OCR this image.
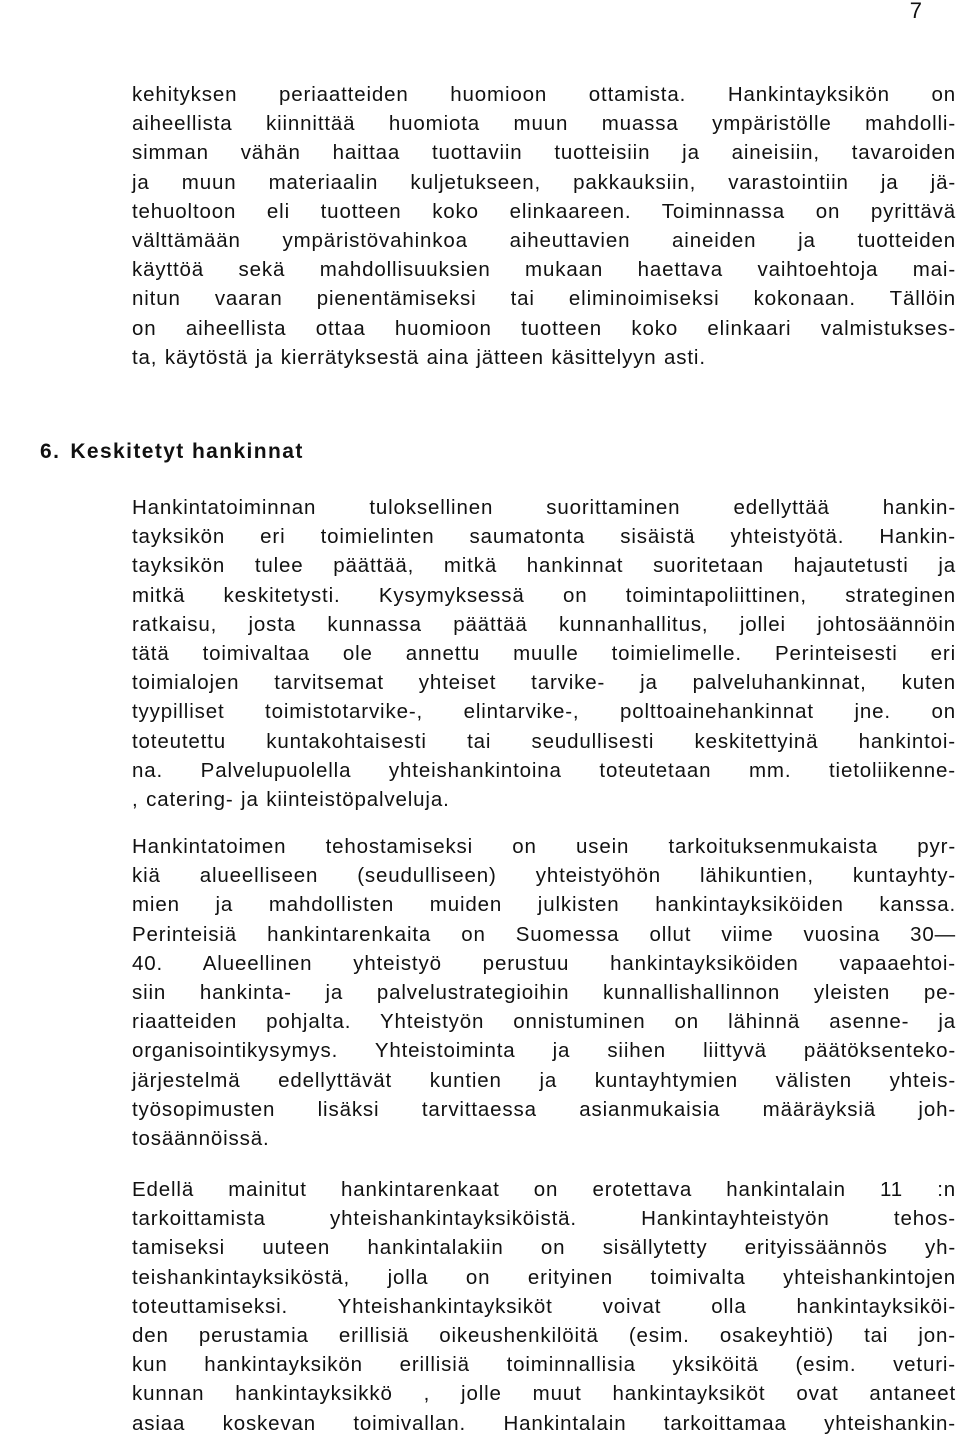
7
kehityksen periaatteiden huomioon ottamista. Hankintayksikön on
aiheellista kiinnittää huomiota muun muassa ympäristölle mahdolli-
simman vähän haittaa tuottaviin tuotteisiin ja aineisiin, tavaroiden
ja muun materiaalin kuljetukseen, pakkauksiin, varastointiin ja jä-
tehuoltoon eli tuotteen koko elinkaareen. Toiminnassa on pyrittävä
välttämään ympäristövahinkoa aiheuttavien aineiden ja tuotteiden
käyttöä sekä mahdollisuuksien mukaan haettava vaihtoehtoja mai-
nitun vaaran pienentämiseksi tai eliminoimiseksi kokonaan. Tällöin
on aiheellista ottaa huomioon tuotteen koko elinkaari valmistukses-
ta, käytöstä ja kierrätyksestä aina jätteen käsittelyyn asti.
6. Keskitetyt hankinnat
Hankintatoiminnan tuloksellinen suorittaminen edellyttää hankin-
tayksikön eri toimielinten saumatonta sisäistä yhteistyötä. Hankin-
tayksikön tulee päättää, mitkä hankinnat suoritetaan hajautetusti ja
mitkä keskitetysti. Kysymyksessä on toimintapoliittinen, strateginen
ratkaisu, josta kunnassa päättää kunnanhallitus, jollei johtosäännöin
tätä toimivaltaa ole annettu muulle toimielimelle. Perinteisesti eri
toimialojen tarvitsemat yhteiset tarvike- ja palveluhankinnat, kuten
tyypilliset toimistotarvike-, elintarvike-, polttoainehankinnat jne. on
toteutettu kuntakohtaisesti tai seudullisesti keskitettyinä hankintoi-
na. Palvelupuolella yhteishankintoina toteutetaan mm. tietoliikenne-
, catering- ja kiinteistöpalveluja.
Hankintatoimen tehostamiseksi on usein tarkoituksenmukaista pyr-
kiä alueelliseen (seudulliseen) yhteistyöhön lähikuntien, kuntayhty-
mien ja mahdollisten muiden julkisten hankintayksiköiden kanssa.
Perinteisiä hankintarenkaita on Suomessa ollut viime vuosina 30—
40. Alueellinen yhteistyö perustuu hankintayksiköiden vapaaehtoi-
siin hankinta- ja palvelustrategioihin kunnallishallinnon yleisten pe-
riaatteiden pohjalta. Yhteistyön onnistuminen on lähinnä asenne- ja
organisointikysymys. Yhteistoiminta ja siihen liittyvä päätöksenteko-
järjestelmä edellyttävät kuntien ja kuntayhtymien välisten yhteis-
työsopimusten lisäksi tarvittaessa asianmukaisia määräyksiä joh-
tosäännöissä.
Edellä mainitut hankintarenkaat on erotettava hankintalain 11 :n
tarkoittamista yhteishankintayksiköistä. Hankintayhteistyön tehos-
tamiseksi uuteen hankintalakiin on sisällytetty erityissäännös yh-
teishankintayksiköstä, jolla on erityinen toimivalta yhteishankintojen
toteuttamiseksi. Yhteishankintayksiköt voivat olla hankintayksiköi-
den perustamia erillisiä oikeushenkilöitä (esim. osakeyhtiö) tai jon-
kun hankintayksikön erillisiä toiminnallisia yksiköitä (esim. veturi-
kunnan hankintayksikkö , jolle muut hankintayksiköt ovat antaneet
asiaa koskevan toimivallan. Hankintalain tarkoittamaa yhteishankin-
